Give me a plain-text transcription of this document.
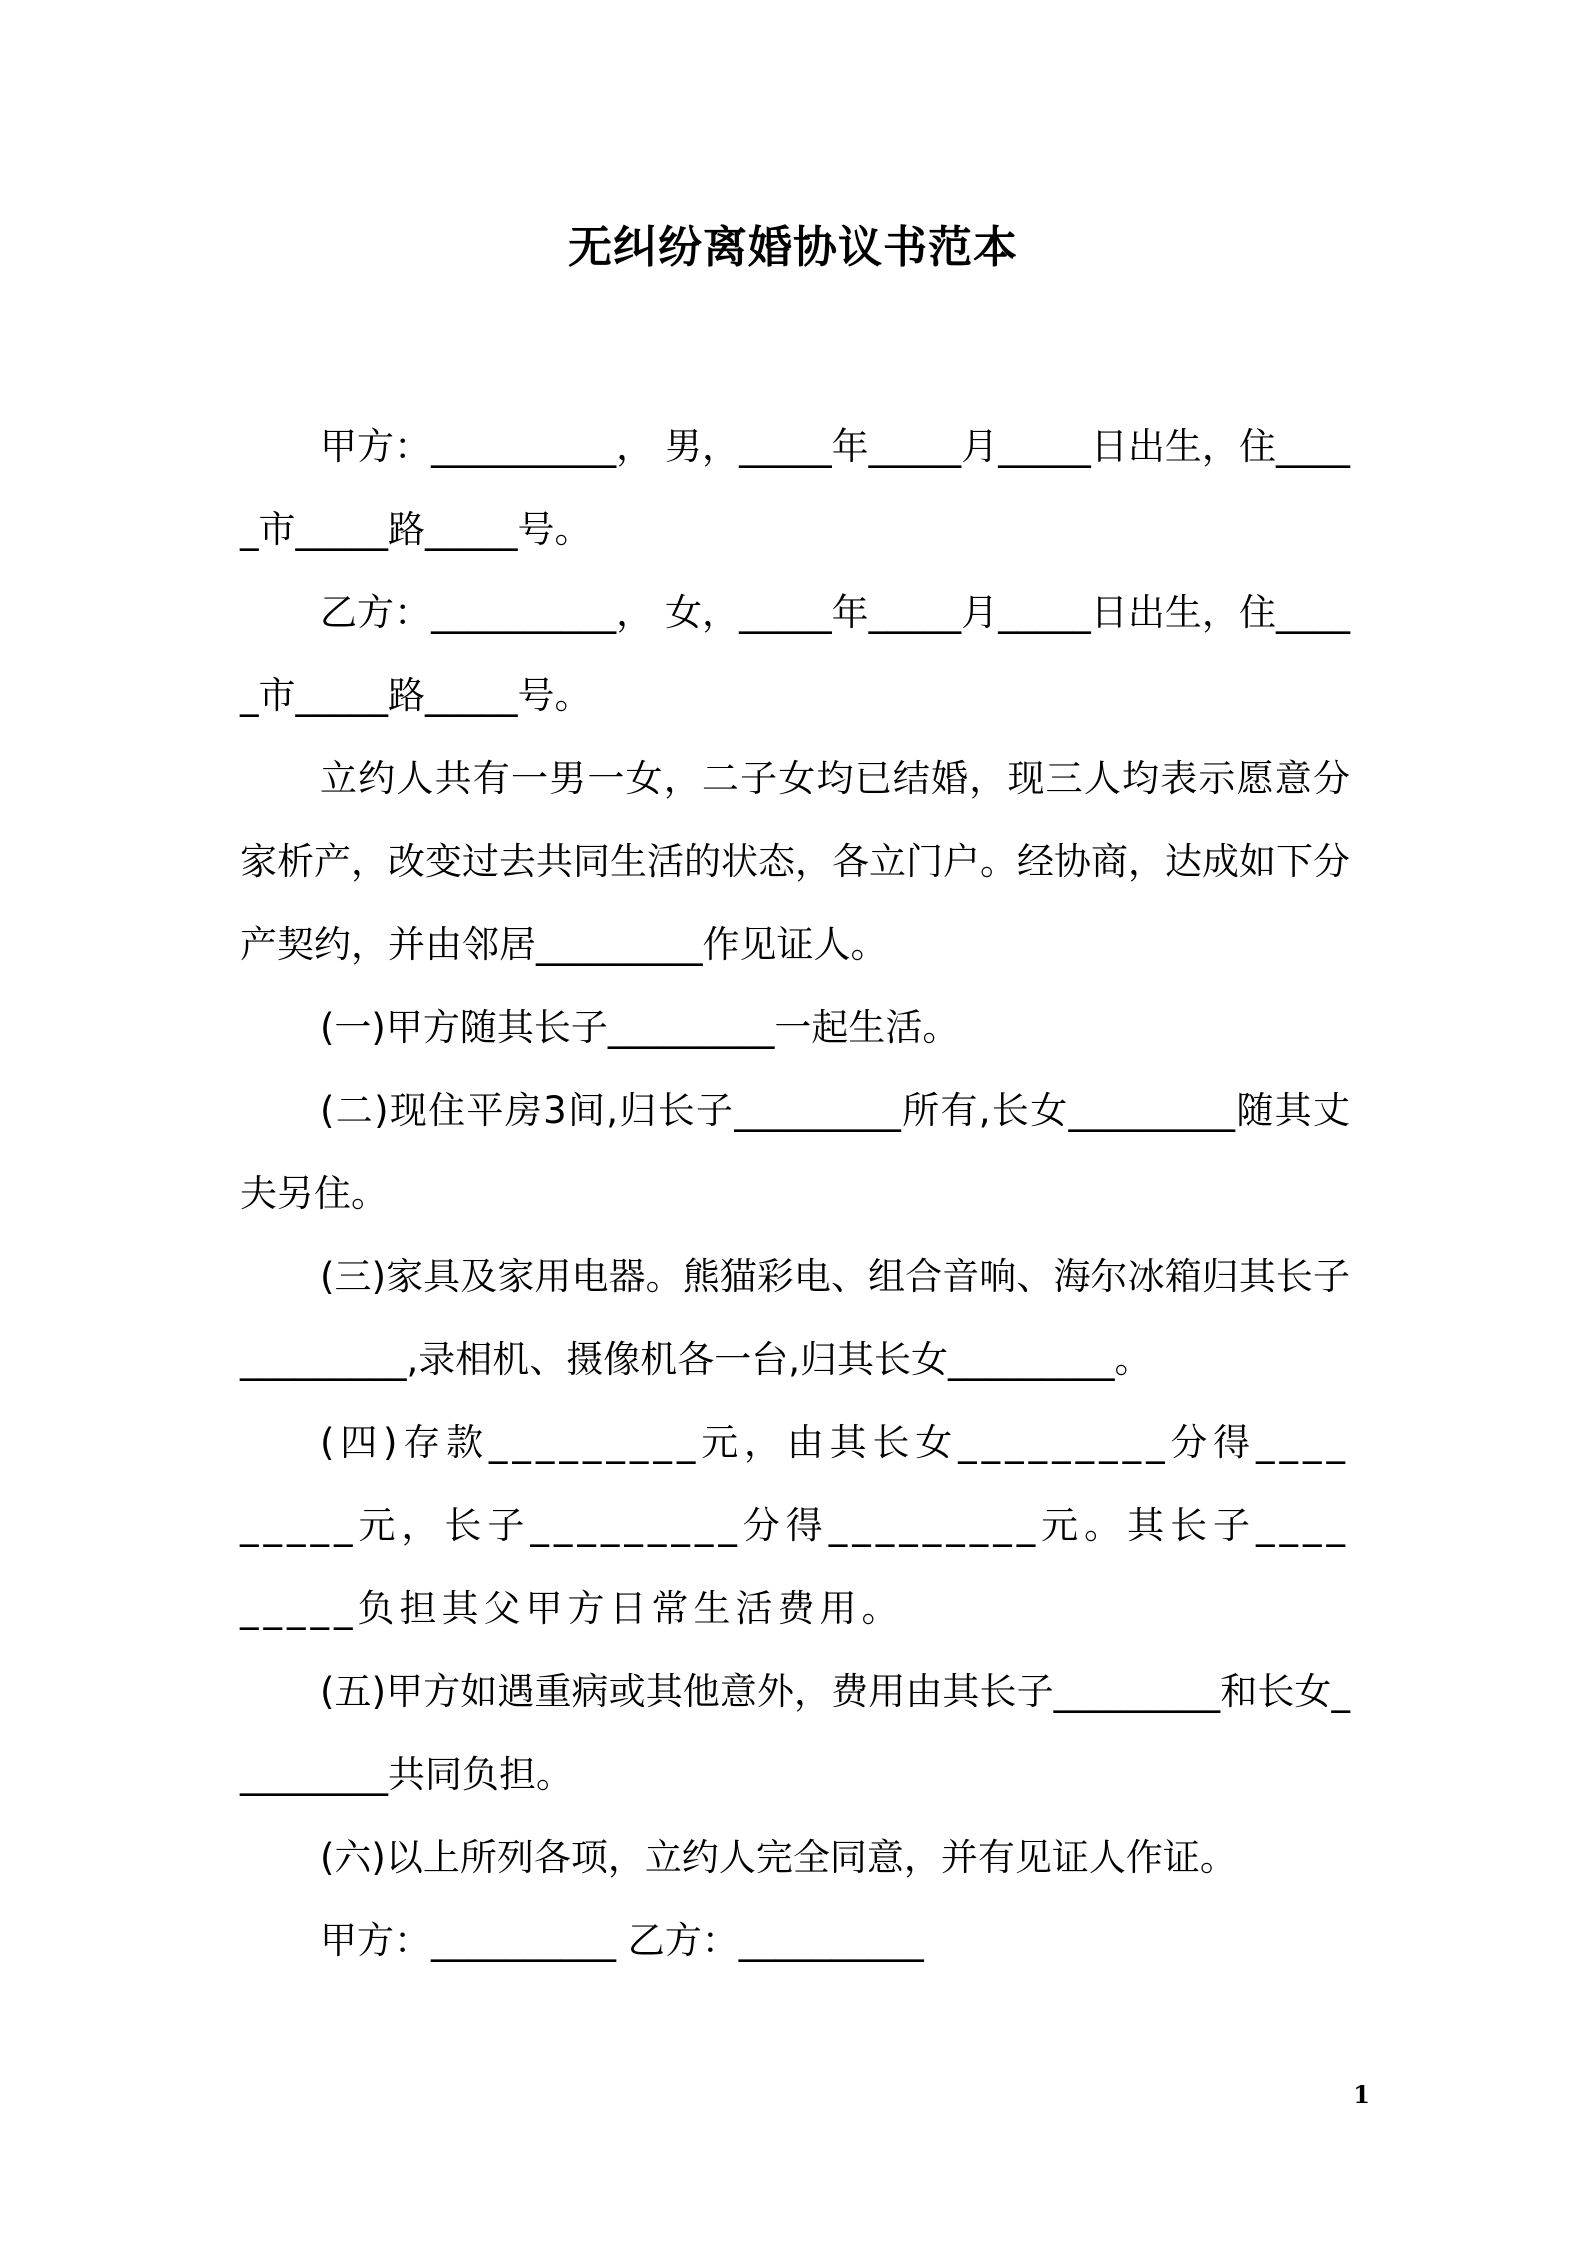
无纠纷离婚协议书范本

甲方：__________， 男，_____年_____月_____日出生，住_____市_____路_____号。

乙方：__________， 女，_____年_____月_____日出生，住_____市_____路_____号。

立约人共有一男一女，二子女均已结婚，现三人均表示愿意分家析产，改变过去共同生活的状态，各立门户。经协商，达成如下分产契约，并由邻居_________作见证人。

(一)甲方随其长子_________一起生活。

(二)现住平房3间,归长子_________所有,长女_________随其丈夫另住。

(三)家具及家用电器。熊猫彩电、组合音响、海尔冰箱归其长子_________,录相机、摄像机各一台,归其长女_________。

(四)存款_________元，由其长女_________分得_________元，长子_________分得_________元。其长子_________负担其父甲方日常生活费用。

(五)甲方如遇重病或其他意外，费用由其长子_________和长女_________共同负担。

(六)以上所列各项，立约人完全同意，并有见证人作证。

甲方：__________ 乙方：__________

1
